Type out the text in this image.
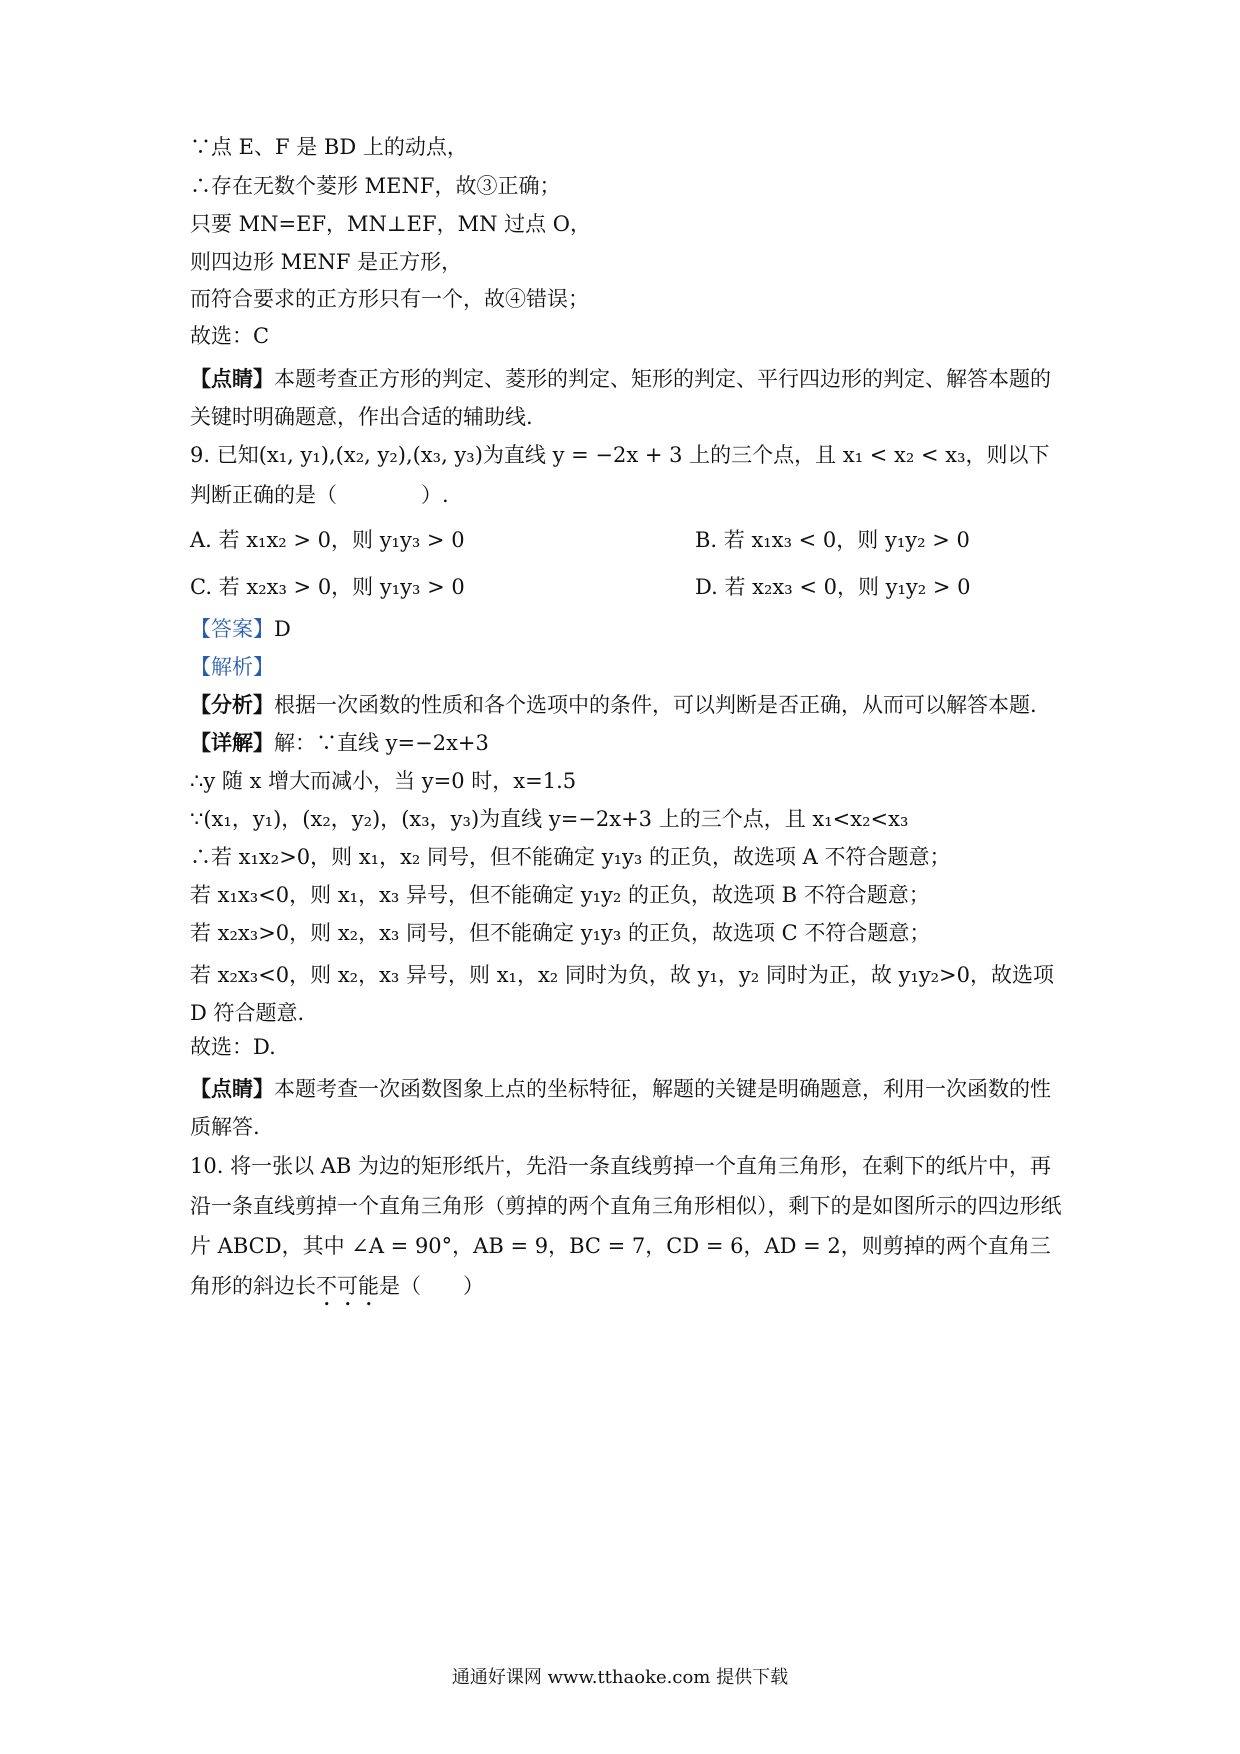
∵点 E、F 是 BD 上的动点，
∴存在无数个菱形 MENF，故③正确；
只要 MN=EF，MN⊥EF，MN 过点 O，
则四边形 MENF 是正方形，
而符合要求的正方形只有一个，故④错误；
故选：C
【点睛】本题考查正方形的判定、菱形的判定、矩形的判定、平行四边形的判定、解答本题的关键时明确题意，作出合适的辅助线.
9. 已知(x₁, y₁),(x₂, y₂),(x₃, y₃)为直线 y = −2x + 3 上的三个点，且 x₁ < x₂ < x₃，则以下
判断正确的是（　　　　）.
A. 若 x₁x₂ > 0，则 y₁y₃ > 0	B. 若 x₁x₃ < 0，则 y₁y₂ > 0
C. 若 x₂x₃ > 0，则 y₁y₃ > 0	D. 若 x₂x₃ < 0，则 y₁y₂ > 0
【答案】D
【解析】
【分析】根据一次函数的性质和各个选项中的条件，可以判断是否正确，从而可以解答本题.
【详解】解：∵直线 y=−2x+3
∴y 随 x 增大而减小，当 y=0 时，x=1.5
∵(x₁，y₁)，(x₂，y₂)，(x₃，y₃)为直线 y=−2x+3 上的三个点，且 x₁<x₂<x₃
∴若 x₁x₂>0，则 x₁，x₂ 同号，但不能确定 y₁y₃ 的正负，故选项 A 不符合题意；
若 x₁x₃<0，则 x₁，x₃ 异号，但不能确定 y₁y₂ 的正负，故选项 B 不符合题意；
若 x₂x₃>0，则 x₂，x₃ 同号，但不能确定 y₁y₃ 的正负，故选项 C 不符合题意；
若 x₂x₃<0，则 x₂，x₃ 异号，则 x₁，x₂ 同时为负，故 y₁，y₂ 同时为正，故 y₁y₂>0，故选项 D 符合题意.
故选：D.
【点睛】本题考查一次函数图象上点的坐标特征，解题的关键是明确题意，利用一次函数的性质解答.
10. 将一张以 AB 为边的矩形纸片，先沿一条直线剪掉一个直角三角形，在剩下的纸片中，再沿一条直线剪掉一个直角三角形（剪掉的两个直角三角形相似），剩下的是如图所示的四边形纸片 ABCD，其中 ∠A = 90°，AB = 9，BC = 7，CD = 6，AD = 2，则剪掉的两个直角三角形的斜边长不可能是（　　）
通通好课网 www.tthaoke.com 提供下载
